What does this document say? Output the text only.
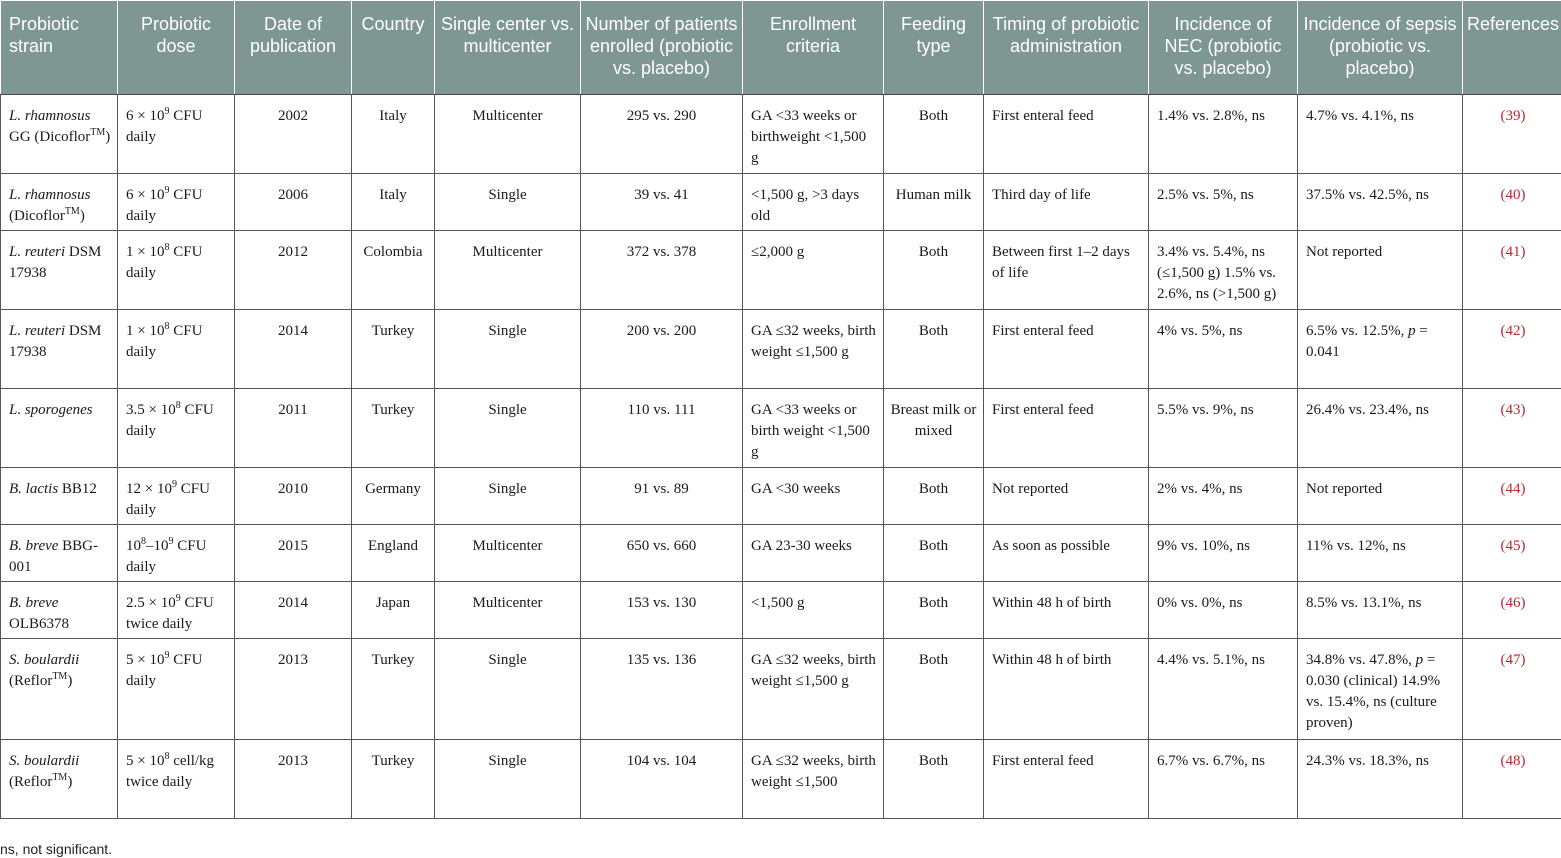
Probiotic strain	Probiotic dose	Date of publication	Country	Single center vs. multicenter	Number of patients enrolled (probiotic vs. placebo)	Enrollment criteria	Feeding type	Timing of probiotic administration	Incidence of NEC (probiotic vs. placebo)	Incidence of sepsis (probiotic vs. placebo)	References
L. rhamnosus GG (Dicoflor™)	$6 \times 10^9$ CFU daily	2002	Italy	Multicenter	295 vs. 290	GA <33 weeks or birthweight <1,500 g	Both	First enteral feed	1.4% vs. 2.8%, ns	4.7% vs. 4.1%, ns	(39)
L. rhamnosus (Dicoflor™)	$6 \times 10^9$ CFU daily	2006	Italy	Single	39 vs. 41	<1,500 g, >3 days old	Human milk	Third day of life	2.5% vs. 5%, ns	37.5% vs. 42.5%, ns	(40)
L. reuteri DSM 17938	$1 \times 10^8$ CFU daily	2012	Colombia	Multicenter	372 vs. 378	≤2,000 g	Both	Between first 1–2 days of life	3.4% vs. 5.4%, ns (≤1,500 g) 1.5% vs. 2.6%, ns (>1,500 g)	Not reported	(41)
L. reuteri DSM 17938	$1 \times 10^8$ CFU daily	2014	Turkey	Single	200 vs. 200	GA ≤32 weeks, birth weight ≤1,500 g	Both	First enteral feed	4% vs. 5%, ns	6.5% vs. 12.5%, p = 0.041	(42)
L. sporogenes	$3.5 \times 10^8$ CFU daily	2011	Turkey	Single	110 vs. 111	GA <33 weeks or birth weight <1,500 g	Breast milk or mixed	First enteral feed	5.5% vs. 9%, ns	26.4% vs. 23.4%, ns	(43)
B. lactis BB12	$12 \times 10^9$ CFU daily	2010	Germany	Single	91 vs. 89	GA <30 weeks	Both	Not reported	2% vs. 4%, ns	Not reported	(44)
B. breve BBG-001	$10^8-10^9$ CFU daily	2015	England	Multicenter	650 vs. 660	GA 23-30 weeks	Both	As soon as possible	9% vs. 10%, ns	11% vs. 12%, ns	(45)
B. breve OLB6378	$2.5 \times 10^9$ CFU twice daily	2014	Japan	Multicenter	153 vs. 130	<1,500 g	Both	Within 48 h of birth	0% vs. 0%, ns	8.5% vs. 13.1%, ns	(46)
S. boulardii (Reflor™)	$5 \times 10^9$ CFU daily	2013	Turkey	Single	135 vs. 136	GA ≤32 weeks, birth weight ≤1,500 g	Both	Within 48 h of birth	4.4% vs. 5.1%, ns	34.8% vs. 47.8%, p = 0.030 (clinical) 14.9% vs. 15.4%, ns (culture proven)	(47)
S. boulardii (Reflor™)	$5 \times 10^8$ cell/kg twice daily	2013	Turkey	Single	104 vs. 104	GA ≤32 weeks, birth weight ≤1,500	Both	First enteral feed	6.7% vs. 6.7%, ns	24.3% vs. 18.3%, ns	(48)
ns, not significant.
